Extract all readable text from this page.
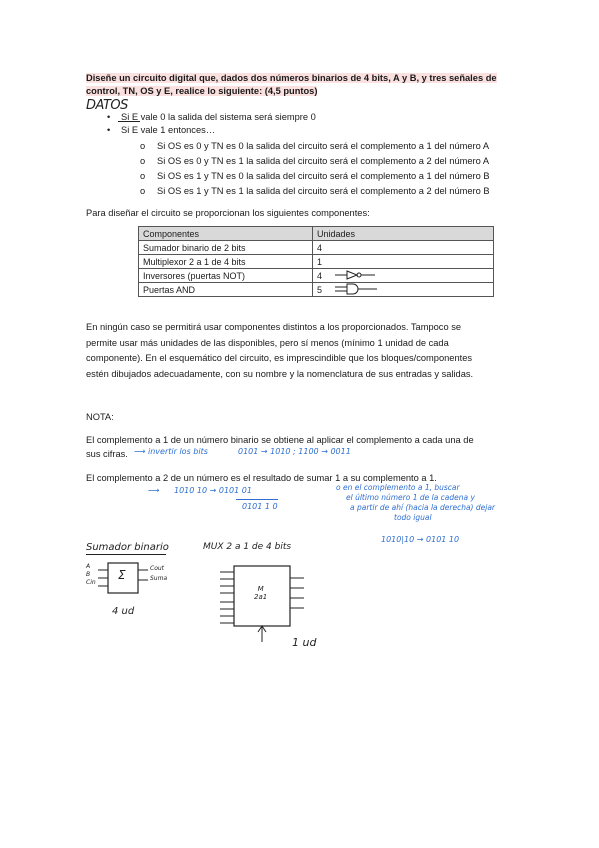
Diseñe un circuito digital que, dados dos números binarios de 4 bits, A y B, y tres señales de
control, TN, OS y E, realice lo siguiente: (4,5 puntos)
DATOS
• Si E vale 0 la salida del sistema será siempre 0
• Si E vale 1 entonces…
o Si OS es 0 y TN es 0 la salida del circuito será el complemento a 1 del número A
o Si OS es 0 y TN es 1 la salida del circuito será el complemento a 2 del número A
o Si OS es 1 y TN es 0 la salida del circuito será el complemento a 1 del número B
o Si OS es 1 y TN es 1 la salida del circuito será el complemento a 2 del número B
Para diseñar el circuito se proporcionan los siguientes componentes:
Componentes	Unidades
Sumador binario de 2 bits	4
Multiplexor 2 a 1 de 4 bits	1
Inversores (puertas NOT)	4

Puertas AND	5
En ningún caso se permitirá usar componentes distintos a los proporcionados. Tampoco se
permite usar más unidades de las disponibles, pero sí menos (mínimo 1 unidad de cada
componente). En el esquemático del circuito, es imprescindible que los bloques/componentes
estén dibujados adecuadamente, con su nombre y la nomenclatura de sus entradas y salidas.
NOTA:
El complemento a 1 de un número binario se obtiene al aplicar el complemento a cada una de
sus cifras. ⟶ invertir los bits	0101 → 1010 ; 1100 → 0011
El complemento a 2 de un número es el resultado de sumar 1 a su complemento a 1.
⟶ 1010 10 → 0101 01
0101 1 0
o en el complemento a 1, buscar
el último número 1 de la cadena y
a partir de ahí (hacia la derecha) dejar
todo igual
1010|10 → 0101 10
Sumador binario
A
B
Cin
Σ	Cout
Suma
4 ud
MUX 2 a 1 de 4 bits
M
2a1
1 ud
